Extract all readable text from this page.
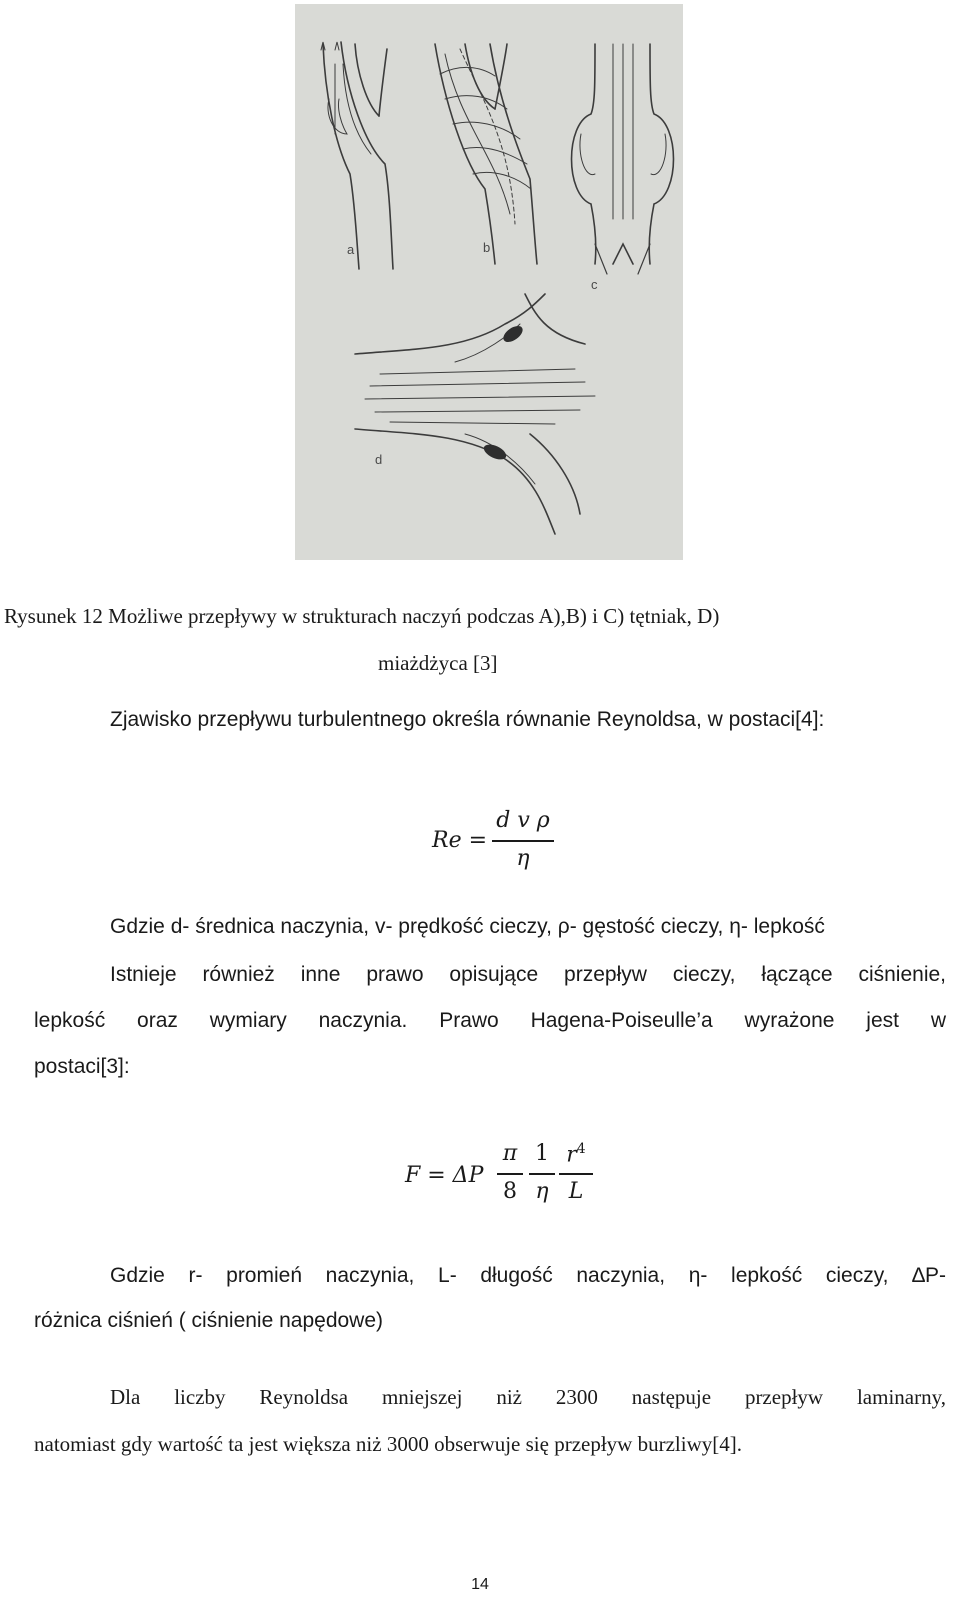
a	b
c
d
Rysunek 12 Możliwe przepływy w strukturach naczyń podczas A),B) i C) tętniak, D)
miażdżyca [3]
Zjawisko przepływu turbulentnego określa równanie Reynoldsa, w postaci[4]:
Re =
d v ρ
η
Gdzie d- średnica naczynia, v- prędkość cieczy, ρ- gęstość cieczy, η- lepkość
Istnieje również inne prawo opisujące przepływ cieczy, łączące ciśnienie,
lepkość oraz wymiary naczynia. Prawo Hagena-Poiseulle’a wyrażone jest w
postaci[3]:
F = ΔP
π
8
1
η
$r^4$
L
Gdzie r- promień naczynia, L- długość naczynia, η- lepkość cieczy, ∆P-
różnica ciśnień ( ciśnienie napędowe)
Dla liczby Reynoldsa mniejszej niż 2300 następuje przepływ laminarny,
natomiast gdy wartość ta jest większa niż 3000 obserwuje się przepływ burzliwy[4].
14
